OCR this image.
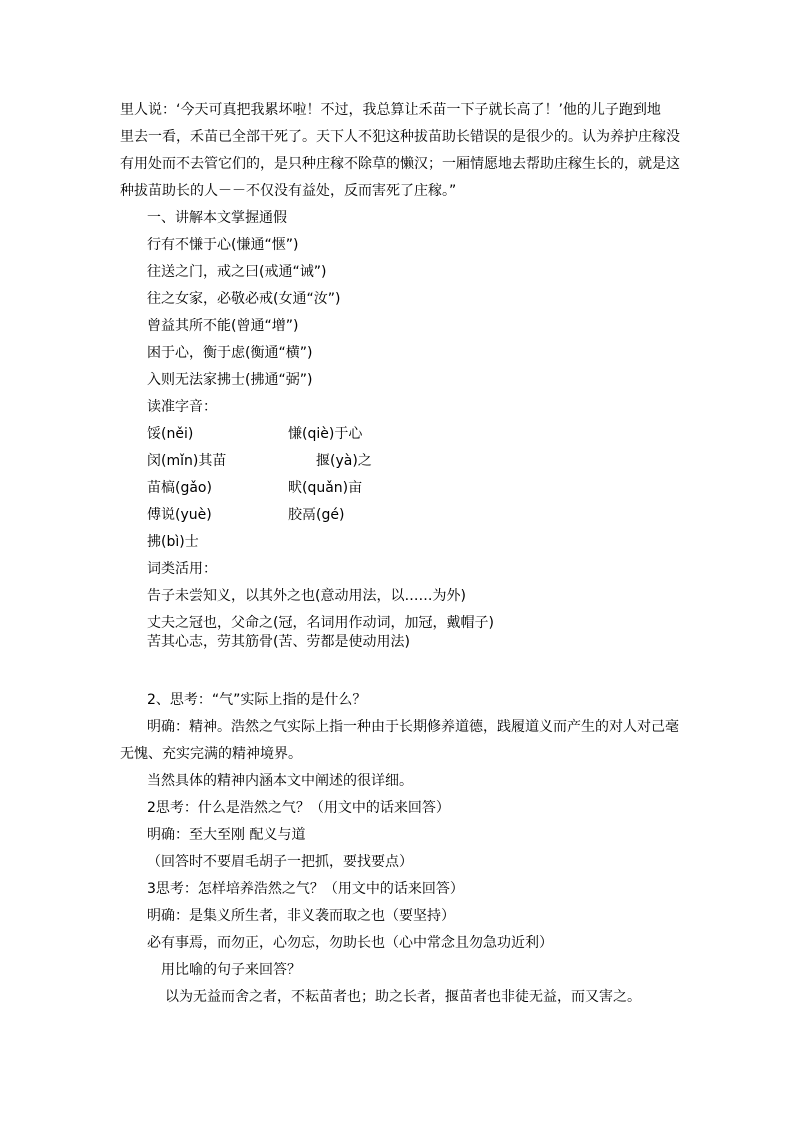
里人说：‘今天可真把我累坏啦！不过，我总算让禾苗一下子就长高了！’他的儿子跑到地
里去一看，禾苗已全部干死了。天下人不犯这种拔苗助长错误的是很少的。认为养护庄稼没
有用处而不去管它们的，是只种庄稼不除草的懒汉；一厢情愿地去帮助庄稼生长的，就是这
种拔苗助长的人－－不仅没有益处，反而害死了庄稼。”
一、讲解本文掌握通假
行有不慊于心(慊通“惬”)
往送之门，戒之曰(戒通“诫”)
往之女家，必敬必戒(女通“汝”)
曾益其所不能(曾通“增”)
困于心，衡于虑(衡通“横”)
入则无法家拂士(拂通“弼”)
读准字音：
馁(něi)	慊(qiè)于心
闵(mǐn)其苗	揠(yà)之
苗槁(gǎo)	畎(quǎn)亩
傅说(yuè)	胶鬲(gé)
拂(bì)士
词类活用：
告子未尝知义，以其外之也(意动用法，以……为外)
丈夫之冠也，父命之(冠，名词用作动词，加冠，戴帽子)
苦其心志，劳其筋骨(苦、劳都是使动用法)
2、思考：“气”实际上指的是什么？
明确：精神。浩然之气实际上指一种由于长期修养道德，践履道义而产生的对人对己毫
无愧、充实完满的精神境界。
当然具体的精神内涵本文中阐述的很详细。
2思考：什么是浩然之气？（用文中的话来回答）
明确：至大至刚 配义与道
（回答时不要眉毛胡子一把抓，要找要点）
3思考：怎样培养浩然之气？（用文中的话来回答）
明确：是集义所生者，非义袭而取之也（要坚持）
必有事焉，而勿正，心勿忘，勿助长也（心中常念且勿急功近利）
用比喻的句子来回答？
以为无益而舍之者，不耘苗者也；助之长者，揠苗者也非徒无益，而又害之。
